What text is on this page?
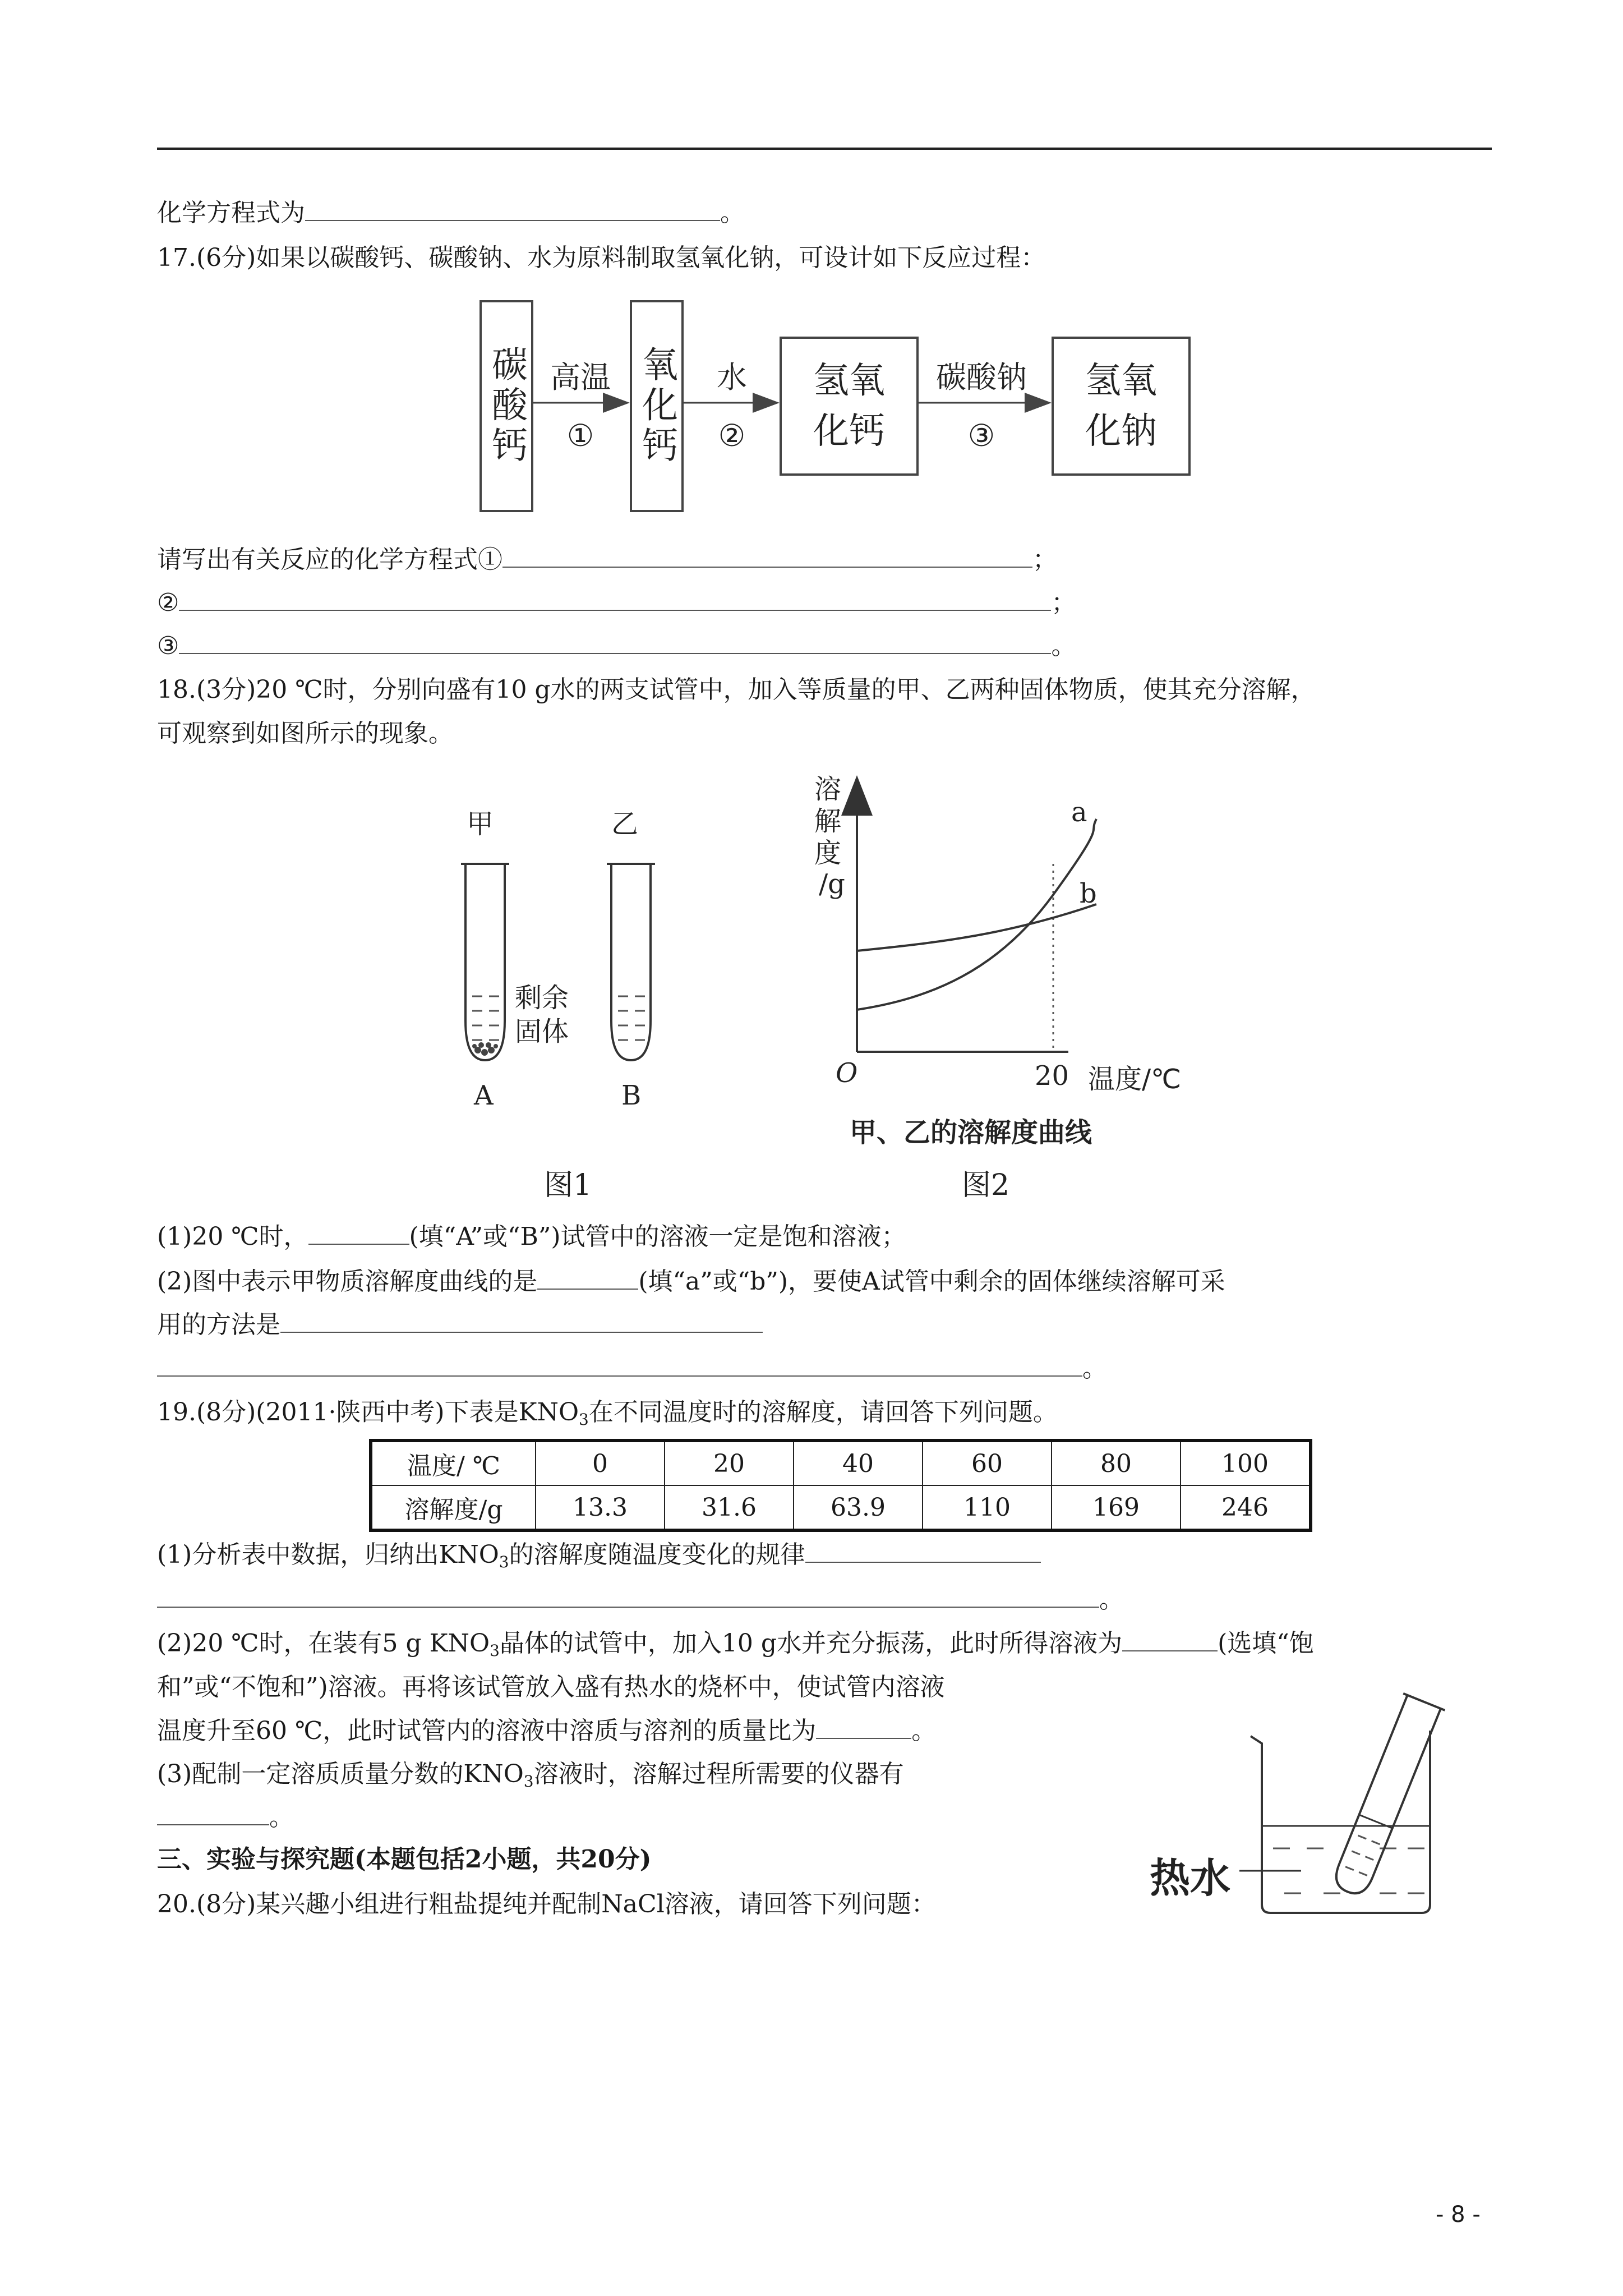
化学方程式为	。
17.(6分)如果以碳酸钙、碳酸钠、水为原料制取氢氧化钠，可设计如下反应过程：
碳酸钙	氧化钙	氢氧
化钙
氢氧
化钠
高温
①
水
②
碳酸钠
③
请写出有关反应的化学方程式①	；
②	；
③	。
18.(3分)20 ℃时，分别向盛有10 g水的两支试管中，加入等质量的甲、乙两种固体物质，使其充分溶解，
可观察到如图所示的现象。
甲	乙
剩余
固体
A	B
图1
溶
解
度
/g
a
b
O	20 温度/℃
甲、乙的溶解度曲线
图2
(1)20 ℃时，	(填“A”或“B”)试管中的溶液一定是饱和溶液；
(2)图中表示甲物质溶解度曲线的是	(填“a”或“b”)，要使A试管中剩余的固体继续溶解可采
用的方法是
。
19.(8分)(2011·陕西中考)下表是$KNO_3$在不同温度时的溶解度，请回答下列问题。
温度/ ℃	0	20	40	60	80	100
溶解度/g	13.3	31.6	63.9	110	169	246
(1)分析表中数据，归纳出$KNO_3$的溶解度随温度变化的规律
。
(2)20 ℃时，在装有5 g $KNO_3$晶体的试管中，加入10 g水并充分振荡，此时所得溶液为	(选填“饱
和”或“不饱和”)溶液。再将该试管放入盛有热水的烧杯中，使试管内溶液
温度升至60 ℃，此时试管内的溶液中溶质与溶剂的质量比为	。
(3)配制一定溶质质量分数的$KNO_3$溶液时，溶解过程所需要的仪器有
。
三、实验与探究题(本题包括2小题，共20分)
20.(8分)某兴趣小组进行粗盐提纯并配制NaCl溶液，请回答下列问题：
热水
- 8 -
